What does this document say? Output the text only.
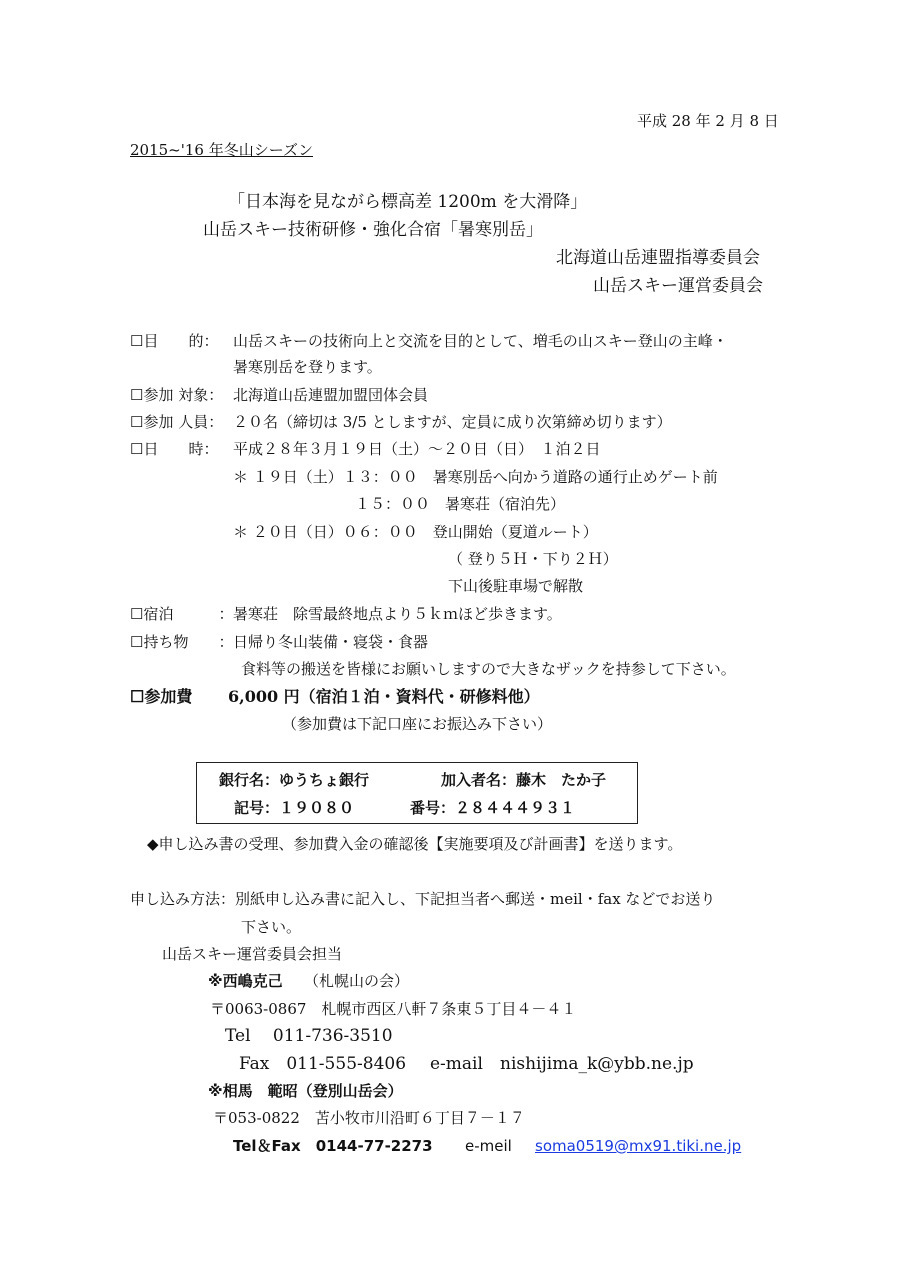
平成 28 年 2 月 8 日
2015~'16 年冬山シーズン
「日本海を見ながら標高差 1200m を大滑降」
山岳スキー技術研修・強化合宿「暑寒別岳」
北海道山岳連盟指導委員会
山岳スキー運営委員会
☐目　　的： 山岳スキーの技術向上と交流を目的として、増毛の山スキー登山の主峰・
暑寒別岳を登ります。
☐参加 対象： 北海道山岳連盟加盟団体会員
☐参加 人員： ２０名（締切は 3/5 としますが、定員に成り次第締め切ります）
☐日　　時： 平成２８年３月１９日（土）～２０日（日）　１泊２日
＊ １９日（土）１３：００　暑寒別岳へ向かう道路の通行止めゲート前
１５：００　暑寒荘（宿泊先）
＊ ２０日（日）０６：００　登山開始（夏道ルート）
（ 登り５Ｈ・下り２Ｈ）
下山後駐車場で解散
☐宿泊　　　： 暑寒荘　除雪最終地点より５ｋｍほど歩きます。
☐持ち物　　： 日帰り冬山装備・寝袋・食器
食料等の搬送を皆様にお願いしますので大きなザックを持参して下さい。
☐参加費 6,000 円（宿泊１泊・資料代・研修料他）
（参加費は下記口座にお振込み下さい）
銀行名：ゆうちょ銀行	加入者名：藤木　たか子
記号：１９０８０	番号：２８４４４９３１
◆申し込み書の受理、参加費入金の確認後【実施要項及び計画書】を送ります。
申し込み方法：別紙申し込み書に記入し、下記担当者へ郵送・meil・fax などでお送り
下さい。
山岳スキー運営委員会担当
※西嶋克己 （札幌山の会）
〒0063-0867　札幌市西区八軒７条東５丁目４－４１
Tel　 011-736-3510
Fax　011-555-8406 e-mail nishijima_k@ybb.ne.jp
※相馬　範昭（登別山岳会）
〒053-0822　苫小牧市川沿町６丁目７－１７
Tel＆Fax　0144-77-2273 e-meil soma0519@mx91.tiki.ne.jp
